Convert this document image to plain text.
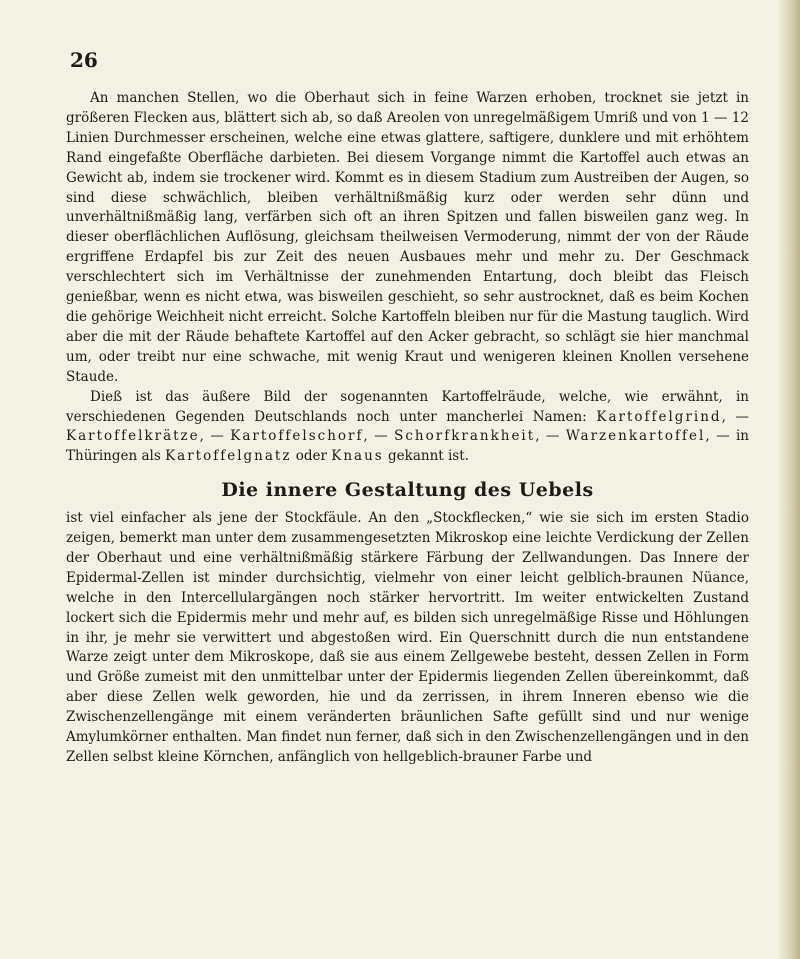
26

An manchen Stellen, wo die Oberhaut sich in feine Warzen erhoben, trocknet sie jetzt in größeren Flecken aus, blättert sich ab, so daß Areolen von unregelmäßigem Umriß und von 1 — 12 Linien Durchmesser erscheinen, welche eine etwas glattere, saftigere, dunklere und mit erhöhtem Rand eingefaßte Oberfläche darbieten. Bei diesem Vorgange nimmt die Kartoffel auch etwas an Gewicht ab, indem sie trockener wird. Kommt es in diesem Stadium zum Austreiben der Augen, so sind diese schwächlich, bleiben verhältnißmäßig kurz oder werden sehr dünn und unverhältnißmäßig lang, verfärben sich oft an ihren Spitzen und fallen bisweilen ganz weg. In dieser oberflächlichen Auflösung, gleichsam theilweisen Vermoderung, nimmt der von der Räude ergriffene Erdapfel bis zur Zeit des neuen Ausbaues mehr und mehr zu. Der Geschmack verschlechtert sich im Verhältnisse der zunehmenden Entartung, doch bleibt das Fleisch genießbar, wenn es nicht etwa, was bisweilen geschieht, so sehr austrocknet, daß es beim Kochen die gehörige Weichheit nicht erreicht. Solche Kartoffeln bleiben nur für die Mastung tauglich. Wird aber die mit der Räude behaftete Kartoffel auf den Acker gebracht, so schlägt sie hier manchmal um, oder treibt nur eine schwache, mit wenig Kraut und wenigeren kleinen Knollen versehene Staude.

Dieß ist das äußere Bild der sogenannten Kartoffelräude, welche, wie erwähnt, in verschiedenen Gegenden Deutschlands noch unter mancherlei Namen: Kartoffelgrind, — Kartoffelkrätze, — Kartoffelschorf, — Schorfkrankheit, — Warzenkartoffel, — in Thüringen als Kartoffelgnatz oder Knaus gekannt ist.

Die innere Gestaltung des Uebels

ist viel einfacher als jene der Stockfäule. An den „Stockflecken,“ wie sie sich im ersten Stadio zeigen, bemerkt man unter dem zusammengesetzten Mikroskop eine leichte Verdickung der Zellen der Oberhaut und eine verhältnißmäßig stärkere Färbung der Zellwandungen. Das Innere der Epidermal-Zellen ist minder durchsichtig, vielmehr von einer leicht gelblich-braunen Nüance, welche in den Intercellulargängen noch stärker hervortritt. Im weiter entwickelten Zustand lockert sich die Epidermis mehr und mehr auf, es bilden sich unregelmäßige Risse und Höhlungen in ihr, je mehr sie verwittert und abgestoßen wird. Ein Querschnitt durch die nun entstandene Warze zeigt unter dem Mikroskope, daß sie aus einem Zellgewebe besteht, dessen Zellen in Form und Größe zumeist mit den unmittelbar unter der Epidermis liegenden Zellen übereinkommt, daß aber diese Zellen welk geworden, hie und da zerrissen, in ihrem Inneren ebenso wie die Zwischenzellengänge mit einem veränderten bräunlichen Safte gefüllt sind und nur wenige Amylumkörner enthalten. Man findet nun ferner, daß sich in den Zwischenzellengängen und in den Zellen selbst kleine Körnchen, anfänglich von hellgeblich-brauner Farbe und
